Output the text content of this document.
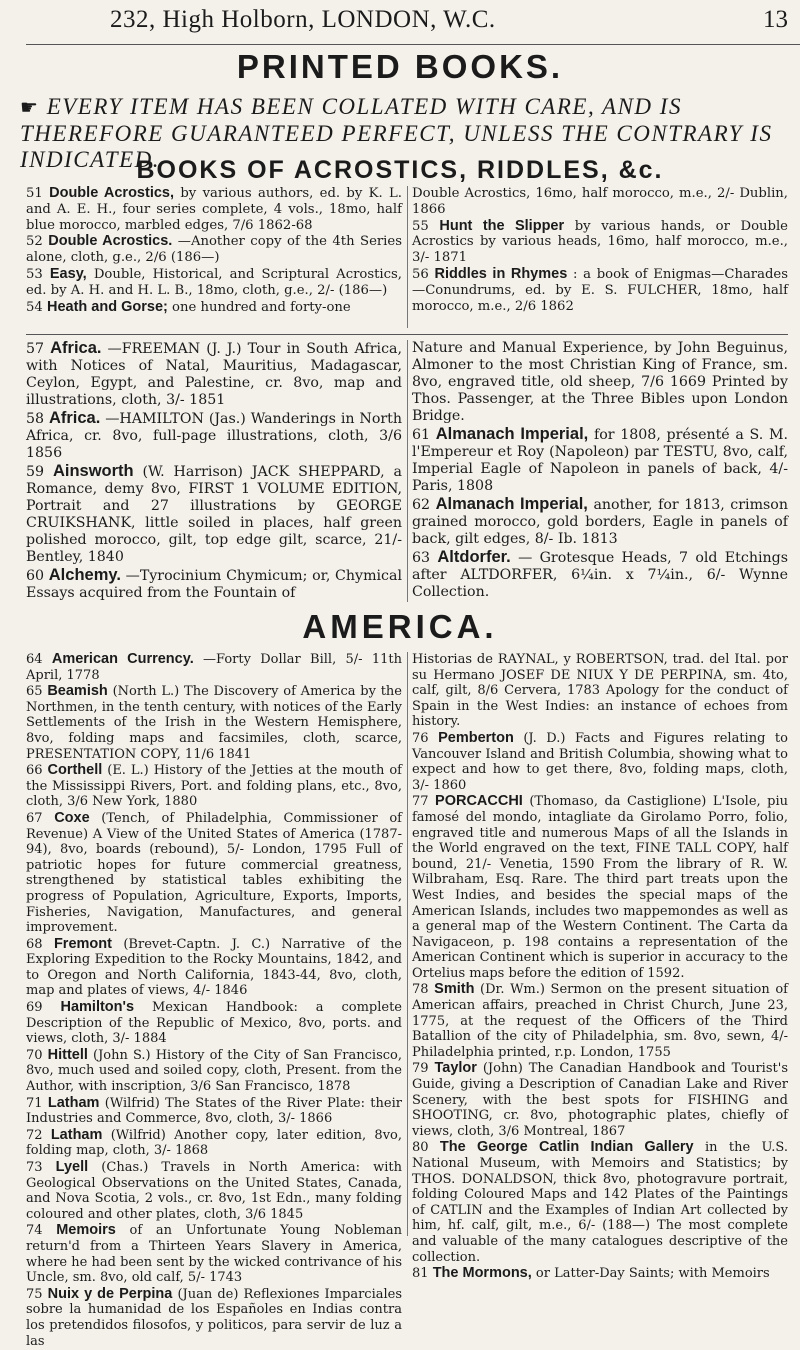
232, High Holborn, LONDON, W.C.	13
PRINTED BOOKS.
☛ EVERY ITEM HAS BEEN COLLATED WITH CARE, AND IS THEREFORE GUARANTEED PERFECT, UNLESS THE CONTRARY IS INDICATED.
BOOKS OF ACROSTICS, RIDDLES, &c.
51 Double Acrostics, by various authors, ed. by K. L. and A. E. H., four series complete, 4 vols., 18mo, half blue morocco, marbled edges, 7/6 1862-68
52 Double Acrostics. —Another copy of the 4th Series alone, cloth, g.e., 2/6 (186—)
53 Easy, Double, Historical, and Scriptural Acrostics, ed. by A. H. and H. L. B., 18mo, cloth, g.e., 2/- (186—)
54 Heath and Gorse; one hundred and forty-one
Double Acrostics, 16mo, half morocco, m.e., 2/- Dublin, 1866
55 Hunt the Slipper by various hands, or Double Acrostics by various heads, 16mo, half morocco, m.e., 3/- 1871
56 Riddles in Rhymes : a book of Enigmas—Charades—Conundrums, ed. by E. S. FULCHER, 18mo, half morocco, m.e., 2/6 1862
57 Africa. —FREEMAN (J. J.) Tour in South Africa, with Notices of Natal, Mauritius, Madagascar, Ceylon, Egypt, and Palestine, cr. 8vo, map and illustrations, cloth, 3/- 1851
58 Africa. —HAMILTON (Jas.) Wanderings in North Africa, cr. 8vo, full-page illustrations, cloth, 3/6 1856
59 Ainsworth (W. Harrison) JACK SHEPPARD, a Romance, demy 8vo, FIRST 1 VOLUME EDITION, Portrait and 27 illustrations by GEORGE CRUIKSHANK, little soiled in places, half green polished morocco, gilt, top edge gilt, scarce, 21/- Bentley, 1840
60 Alchemy. —Tyrocinium Chymicum; or, Chymical Essays acquired from the Fountain of
Nature and Manual Experience, by John Beguinus, Almoner to the most Christian King of France, sm. 8vo, engraved title, old sheep, 7/6 1669 Printed by Thos. Passenger, at the Three Bibles upon London Bridge.
61 Almanach Imperial, for 1808, présenté a S. M. l'Empereur et Roy (Napoleon) par TESTU, 8vo, calf, Imperial Eagle of Napoleon in panels of back, 4/- Paris, 1808
62 Almanach Imperial, another, for 1813, crimson grained morocco, gold borders, Eagle in panels of back, gilt edges, 8/- Ib. 1813
63 Altdorfer. — Grotesque Heads, 7 old Etchings after ALTDORFER, 6¼in. x 7¼in., 6/- Wynne Collection.
AMERICA.
64 American Currency. —Forty Dollar Bill, 5/- 11th April, 1778
65 Beamish (North L.) The Discovery of America by the Northmen, in the tenth century, with notices of the Early Settlements of the Irish in the Western Hemisphere, 8vo, folding maps and facsimiles, cloth, scarce, PRESENTATION COPY, 11/6 1841
66 Corthell (E. L.) History of the Jetties at the mouth of the Mississippi Rivers, Port. and folding plans, etc., 8vo, cloth, 3/6 New York, 1880
67 Coxe (Tench, of Philadelphia, Commissioner of Revenue) A View of the United States of America (1787-94), 8vo, boards (rebound), 5/- London, 1795 Full of patriotic hopes for future commercial greatness, strengthened by statistical tables exhibiting the progress of Population, Agriculture, Exports, Imports, Fisheries, Navigation, Manufactures, and general improvement.
68 Fremont (Brevet-Captn. J. C.) Narrative of the Exploring Expedition to the Rocky Mountains, 1842, and to Oregon and North California, 1843-44, 8vo, cloth, map and plates of views, 4/- 1846
69 Hamilton's Mexican Handbook: a complete Description of the Republic of Mexico, 8vo, ports. and views, cloth, 3/- 1884
70 Hittell (John S.) History of the City of San Francisco, 8vo, much used and soiled copy, cloth, Present. from the Author, with inscription, 3/6 San Francisco, 1878
71 Latham (Wilfrid) The States of the River Plate: their Industries and Commerce, 8vo, cloth, 3/- 1866
72 Latham (Wilfrid) Another copy, later edition, 8vo, folding map, cloth, 3/- 1868
73 Lyell (Chas.) Travels in North America: with Geological Observations on the United States, Canada, and Nova Scotia, 2 vols., cr. 8vo, 1st Edn., many folding coloured and other plates, cloth, 3/6 1845
74 Memoirs of an Unfortunate Young Nobleman return'd from a Thirteen Years Slavery in America, where he had been sent by the wicked contrivance of his Uncle, sm. 8vo, old calf, 5/- 1743
75 Nuix y de Perpina (Juan de) Reflexiones Imparciales sobre la humanidad de los Españoles en Indias contra los pretendidos filosofos, y politicos, para servir de luz a las
Historias de RAYNAL, y ROBERTSON, trad. del Ital. por su Hermano JOSEF DE NIUX Y DE PERPINA, sm. 4to, calf, gilt, 8/6 Cervera, 1783 Apology for the conduct of Spain in the West Indies: an instance of echoes from history.
76 Pemberton (J. D.) Facts and Figures relating to Vancouver Island and British Columbia, showing what to expect and how to get there, 8vo, folding maps, cloth, 3/- 1860
77 PORCACCHI (Thomaso, da Castiglione) L'Isole, piu famosé del mondo, intagliate da Girolamo Porro, folio, engraved title and numerous Maps of all the Islands in the World engraved on the text, FINE TALL COPY, half bound, 21/- Venetia, 1590 From the library of R. W. Wilbraham, Esq. Rare. The third part treats upon the West Indies, and besides the special maps of the American Islands, includes two mappemondes as well as a general map of the Western Continent. The Carta da Navigaceon, p. 198 contains a representation of the American Continent which is superior in accuracy to the Ortelius maps before the edition of 1592.
78 Smith (Dr. Wm.) Sermon on the present situation of American affairs, preached in Christ Church, June 23, 1775, at the request of the Officers of the Third Batallion of the city of Philadelphia, sm. 8vo, sewn, 4/- Philadelphia printed, r.p. London, 1755
79 Taylor (John) The Canadian Handbook and Tourist's Guide, giving a Description of Canadian Lake and River Scenery, with the best spots for FISHING and SHOOTING, cr. 8vo, photographic plates, chiefly of views, cloth, 3/6 Montreal, 1867
80 The George Catlin Indian Gallery in the U.S. National Museum, with Memoirs and Statistics; by THOS. DONALDSON, thick 8vo, photogravure portrait, folding Coloured Maps and 142 Plates of the Paintings of CATLIN and the Examples of Indian Art collected by him, hf. calf, gilt, m.e., 6/- (188—) The most complete and valuable of the many catalogues descriptive of the collection.
81 The Mormons, or Latter-Day Saints; with Memoirs
